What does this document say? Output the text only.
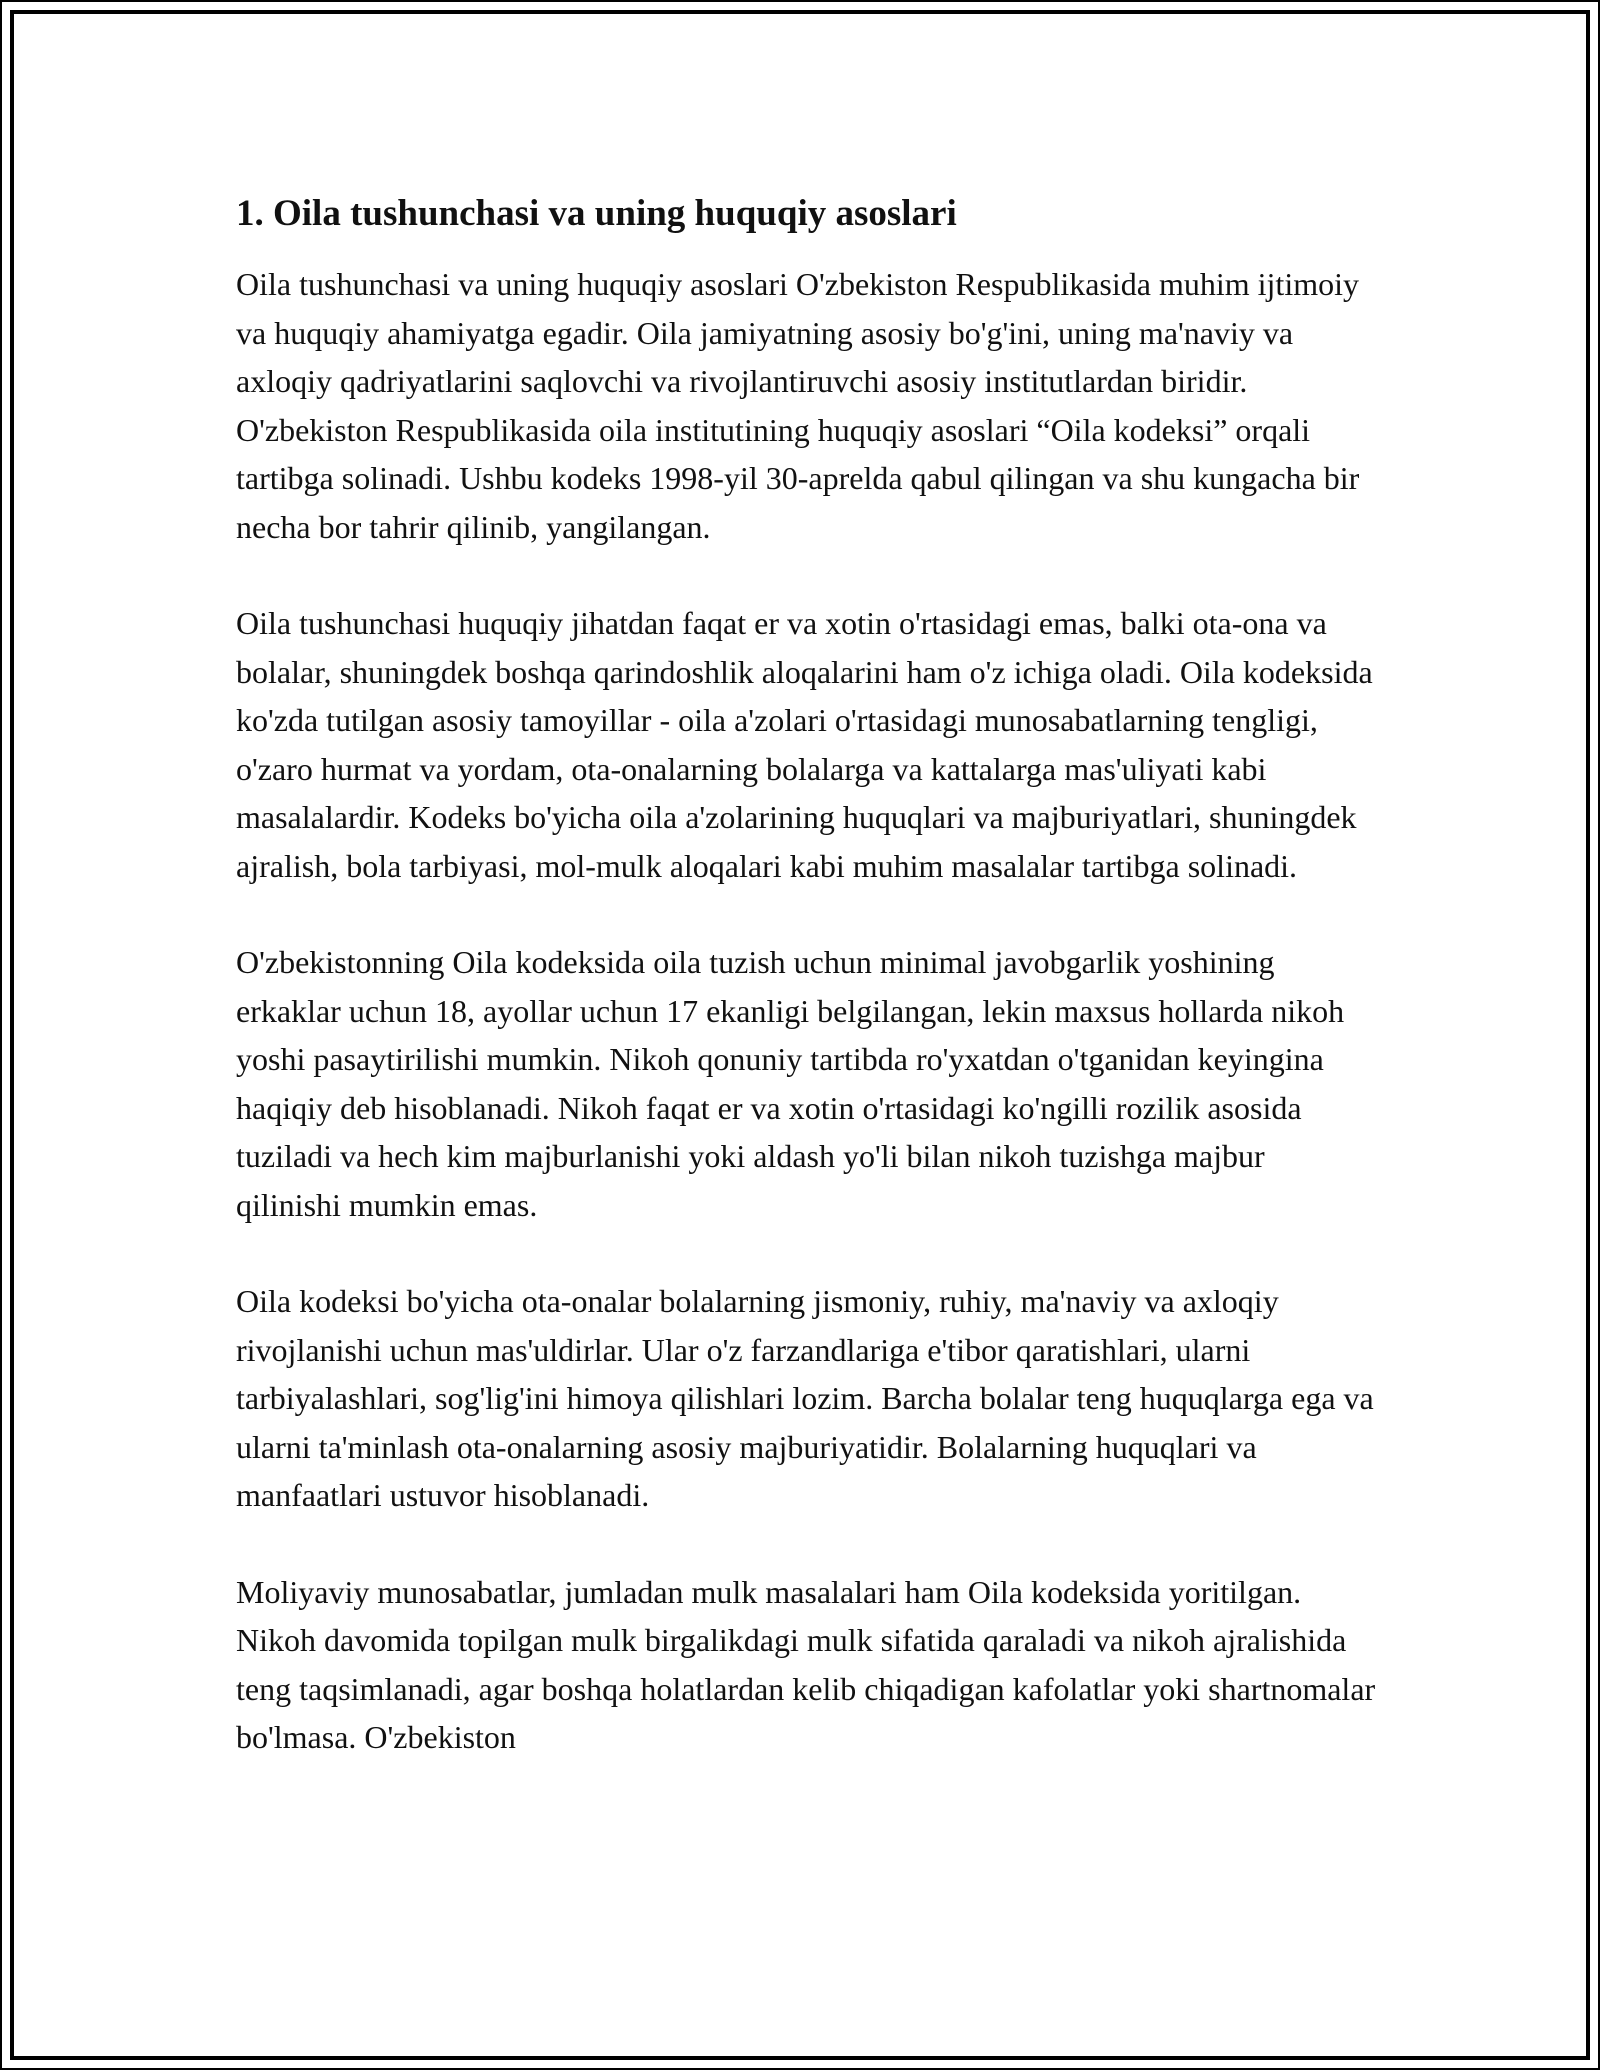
1. Oila tushunchasi va uning huquqiy asoslari

Oila tushunchasi va uning huquqiy asoslari O'zbekiston Respublikasida muhim ijtimoiy va huquqiy ahamiyatga egadir. Oila jamiyatning asosiy bo'g'ini, uning ma'naviy va axloqiy qadriyatlarini saqlovchi va rivojlantiruvchi asosiy institutlardan biridir. O'zbekiston Respublikasida oila institutining huquqiy asoslari “Oila kodeksi” orqali tartibga solinadi. Ushbu kodeks 1998-yil 30-aprelda qabul qilingan va shu kungacha bir necha bor tahrir qilinib, yangilangan.

Oila tushunchasi huquqiy jihatdan faqat er va xotin o'rtasidagi emas, balki ota-ona va bolalar, shuningdek boshqa qarindoshlik aloqalarini ham o'z ichiga oladi. Oila kodeksida ko'zda tutilgan asosiy tamoyillar - oila a'zolari o'rtasidagi munosabatlarning tengligi, o'zaro hurmat va yordam, ota-onalarning bolalarga va kattalarga mas'uliyati kabi masalalardir. Kodeks bo'yicha oila a'zolarining huquqlari va majburiyatlari, shuningdek ajralish, bola tarbiyasi, mol-mulk aloqalari kabi muhim masalalar tartibga solinadi.

O'zbekistonning Oila kodeksida oila tuzish uchun minimal javobgarlik yoshining erkaklar uchun 18, ayollar uchun 17 ekanligi belgilangan, lekin maxsus hollarda nikoh yoshi pasaytirilishi mumkin. Nikoh qonuniy tartibda ro'yxatdan o'tganidan keyingina haqiqiy deb hisoblanadi. Nikoh faqat er va xotin o'rtasidagi ko'ngilli rozilik asosida tuziladi va hech kim majburlanishi yoki aldash yo'li bilan nikoh tuzishga majbur qilinishi mumkin emas.

Oila kodeksi bo'yicha ota-onalar bolalarning jismoniy, ruhiy, ma'naviy va axloqiy rivojlanishi uchun mas'uldirlar. Ular o'z farzandlariga e'tibor qaratishlari, ularni tarbiyalashlari, sog'lig'ini himoya qilishlari lozim. Barcha bolalar teng huquqlarga ega va ularni ta'minlash ota-onalarning asosiy majburiyatidir. Bolalarning huquqlari va manfaatlari ustuvor hisoblanadi.

Moliyaviy munosabatlar, jumladan mulk masalalari ham Oila kodeksida yoritilgan. Nikoh davomida topilgan mulk birgalikdagi mulk sifatida qaraladi va nikoh ajralishida teng taqsimlanadi, agar boshqa holatlardan kelib chiqadigan kafolatlar yoki shartnomalar bo'lmasa. O'zbekiston
